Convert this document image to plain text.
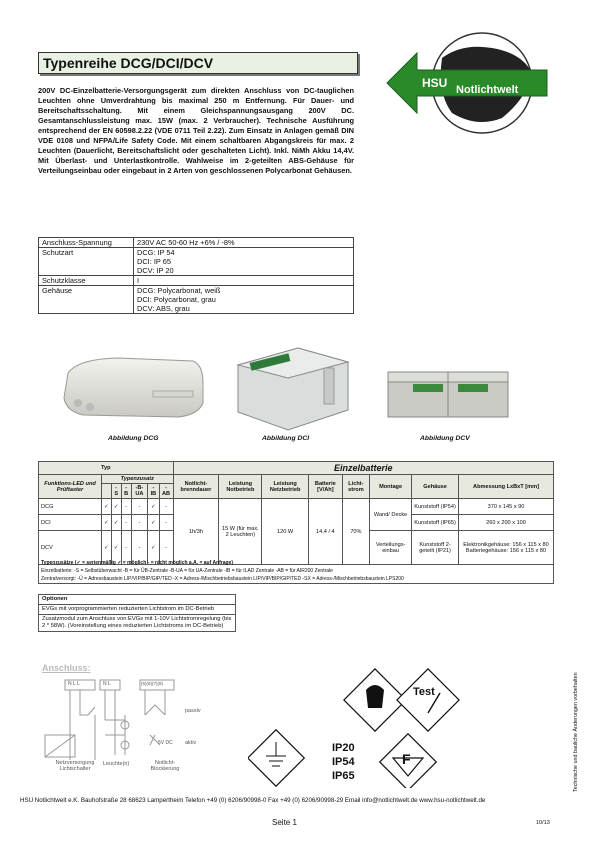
HSU Notlichtwelt
Typenreihe DCG/DCI/DCV
200V DC-Einzelbatterie-Versorgungsgerät zum direkten Anschluss von DC-tauglichen Leuchten ohne Umverdrahtung bis maximal 250 m Entfernung. Für Dauer- und Bereitschaftsschaltung. Mit einem Gleichspannungsausgang 200V DC. Gesamtanschlussleistung max. 15W (max. 2 Verbraucher). Technische Ausführung entsprechend der EN 60598.2.22 (VDE 0711 Teil 2.22). Zum Einsatz in Anlagen gemäß DIN VDE 0108 und NFPA/Life Safety Code. Mit einem schaltbaren Abgangskreis für max. 2 Leuchten (Dauerlicht, Bereitschaftslicht oder geschalteten Licht). Inkl. NiMh Akku 14,4V. Mit Überlast- und Unterlastkontrolle. Wahlweise im 2-geteilten ABS-Gehäuse für Verteilungseinbau oder eingebaut in 2 Arten von geschlossenen Polycarbonat Gehäusen.
Anschluss-Spannung	230V AC 50-60 Hz +6% / -8%

Schutzart	DCG: IP 54
DCI: IP 65
DCV: IP 20

Schutzklasse	I

Gehäuse	DCG: Polycarbonat, weiß
DCI: Polycarbonat, grau
DCV: ABS, grau
Abbildung DCG	Abbildung DCI	Abbildung DCV
Typ							Einzelbatterie							
Funktions-LED und Prüftaster	Typenzusatz						Notlicht-brenndauer	Leistung Notbetrieb	Leistung Netzbetrieb	Batterie [V/Ah]	Licht-strom	Montage	Gehäuse	Abmessung LxBxT [mm]
		-S	-B	-B-UA	-IB	-AB								
DCG	✓	✓	-	-	✓	-	1h/3h	15 W (für max. 2 Leuchten)	120 W	14,4 / 4	70%	Wand/ Decke	Kunststoff (IP54)	370 x 145 x 90
DCI	✓	✓	-	-	✓	-							Kunststoff (IP65)	260 x 200 x 100
DCV	✓	✓	-	-	✓	-						Verteilungs-einbau	Kunststoff 2-geteilt (IP21)	Elektronikgehäuse: 156 x 115 x 80 Batteriegehäuse: 156 x 115 x 80
Typenzusätze (✓ = serienmäßig ✓ = möglich - = nicht möglich a.A. = auf Anfrage)
Einzelbatterie: -S = Selbstüberwacht -B = für ÜB-Zentrale -B-UA = für UA-Zentrale -IB = für ILAD Zentrale -AB = für AIR200 Zentrale
Zentralversorgt: -Ü = Adressbaustein LIP/VIP/BIP/GIP/TED -X = Adress-/Mischbetriebsbaustein LIP/VIP/BIP/GIP/TED -SX = Adress-/Mischbetriebsbaustein LPS200
Optionen
EVGs mit vorprogrammierten reduzierten Lichtstrom im DC-Betrieb
Zusatzmodul zum Anschluss von EVGs mit 1-10V Lichtstromregelung (bis 2 * 58W). (Voreinstellung eines reduzierten Lichtstroms im DC-Betrieb)
Anschluss:
N L L	N L	(5)(6)(7)(8)
passiv
aktiv
5V DC
Netzversorgung Lichtschalter
Leuchte(n)	Notlicht-Blockierung
IP20
IP54
IP65
Test
F	Technische und bauliche Änderungen vorbehalten
HSU Notlichtwelt e.K. Bauhofstraße 28 68623 Lampertheim Telefon +49 (0) 6206/90998-0 Fax +49 (0) 6206/90998-29 Email info@notlichtwelt.de www.hsu-notlichtwelt.de
Seite 1	10/13
